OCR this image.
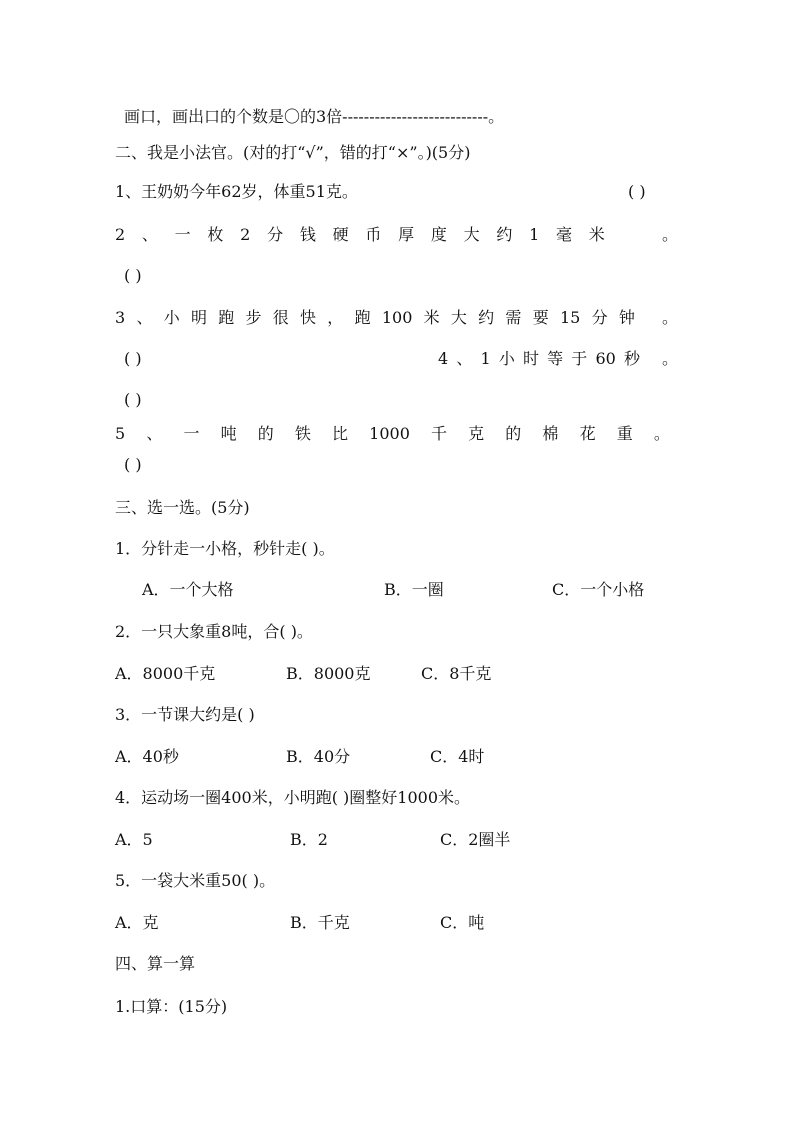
画口，画出口的个数是〇的3倍---------------------------。
二、我是小法官。(对的打“√”，错的打“×”。)(5分)
1、王奶奶今年62岁，体重51克。	( )
2 、 一 枚 2 分 钱 硬 币 厚 度 大 约 1 毫 米	。
( )
3 、 小 明 跑 步 很 快 ， 跑 100 米 大 约 需 要 15 分 钟 。
( )	4 、 1 小 时 等 于 60 秒 。
( )
5 、 一 吨 的 铁 比 1000 千 克 的 棉 花 重 。
( )
三、选一选。(5分)
1．分针走一小格，秒针走( )。
A．一个大格	B．一圈	C．一个小格
2．一只大象重8吨，合( )。
A．8000千克	B．8000克	C．8千克
3．一节课大约是( )
A．40秒	B．40分	C．4时
4．运动场一圈400米，小明跑( )圈整好1000米。
A．5	B．2	C．2圈半
5．一袋大米重50( )。
A．克	B．千克	C．吨
四、算一算
1.口算：(15分)
